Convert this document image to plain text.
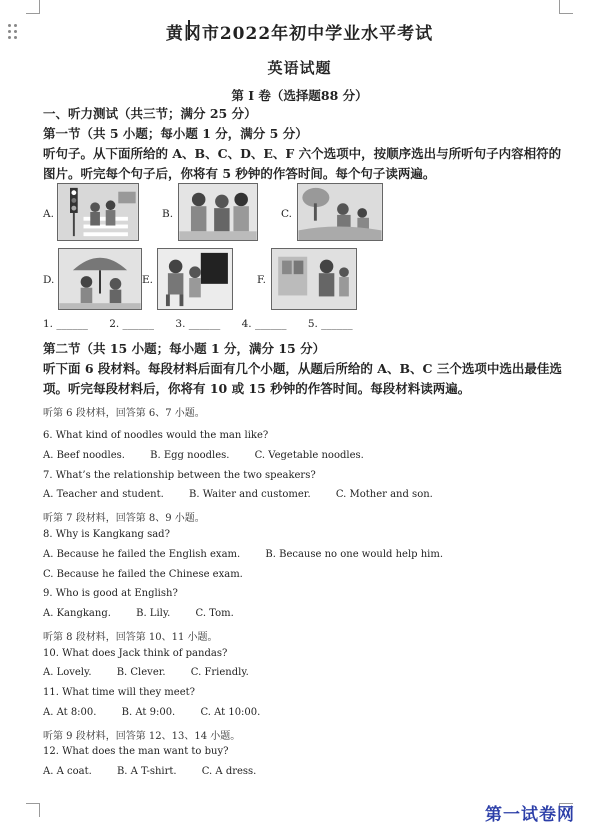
黄冈市2022年初中学业水平考试
英语试题
第 I 卷（选择题88 分）
一、听力测试（共三节；满分 25 分）
第一节（共 5 小题；每小题 1 分，满分 5 分）
听句子。从下面所给的 A、B、C、D、E、F 六个选项中，按顺序选出与所听句子内容相符的
图片。听完每个句子后，你将有 5 秒钟的作答时间。每个句子读两遍。
A.	B.	C.
D.	E.	F.
1. ______ 2. ______ 3. ______ 4. ______ 5. ______
第二节（共 15 小题；每小题 1 分，满分 15 分）
听下面 6 段材料。每段材料后面有几个小题，从题后所给的 A、B、C 三个选项中选出最佳选
项。听完每段材料后，你将有 10 或 15 秒钟的作答时间。每段材料读两遍。
听第 6 段材料，回答第 6、7 小题。
6. What kind of noodles would the man like?
A. Beef noodles.	B. Egg noodles.	C. Vegetable noodles.
7. What’s the relationship between the two speakers?
A. Teacher and student.	B. Waiter and customer.	C. Mother and son.
听第 7 段材料，回答第 8、9 小题。
8. Why is Kangkang sad?
A. Because he failed the English exam.	B. Because no one would help him.
C. Because he failed the Chinese exam.
9. Who is good at English?
A. Kangkang.	B. Lily.	C. Tom.
听第 8 段材料，回答第 10、11 小题。
10. What does Jack think of pandas?
A. Lovely.	B. Clever.	C. Friendly.
11. What time will they meet?
A. At 8:00.	B. At 9:00.	C. At 10:00.
听第 9 段材料，回答第 12、13、14 小题。
12. What does the man want to buy?
A. A coat.	B. A T-shirt.	C. A dress.
第一试卷网
